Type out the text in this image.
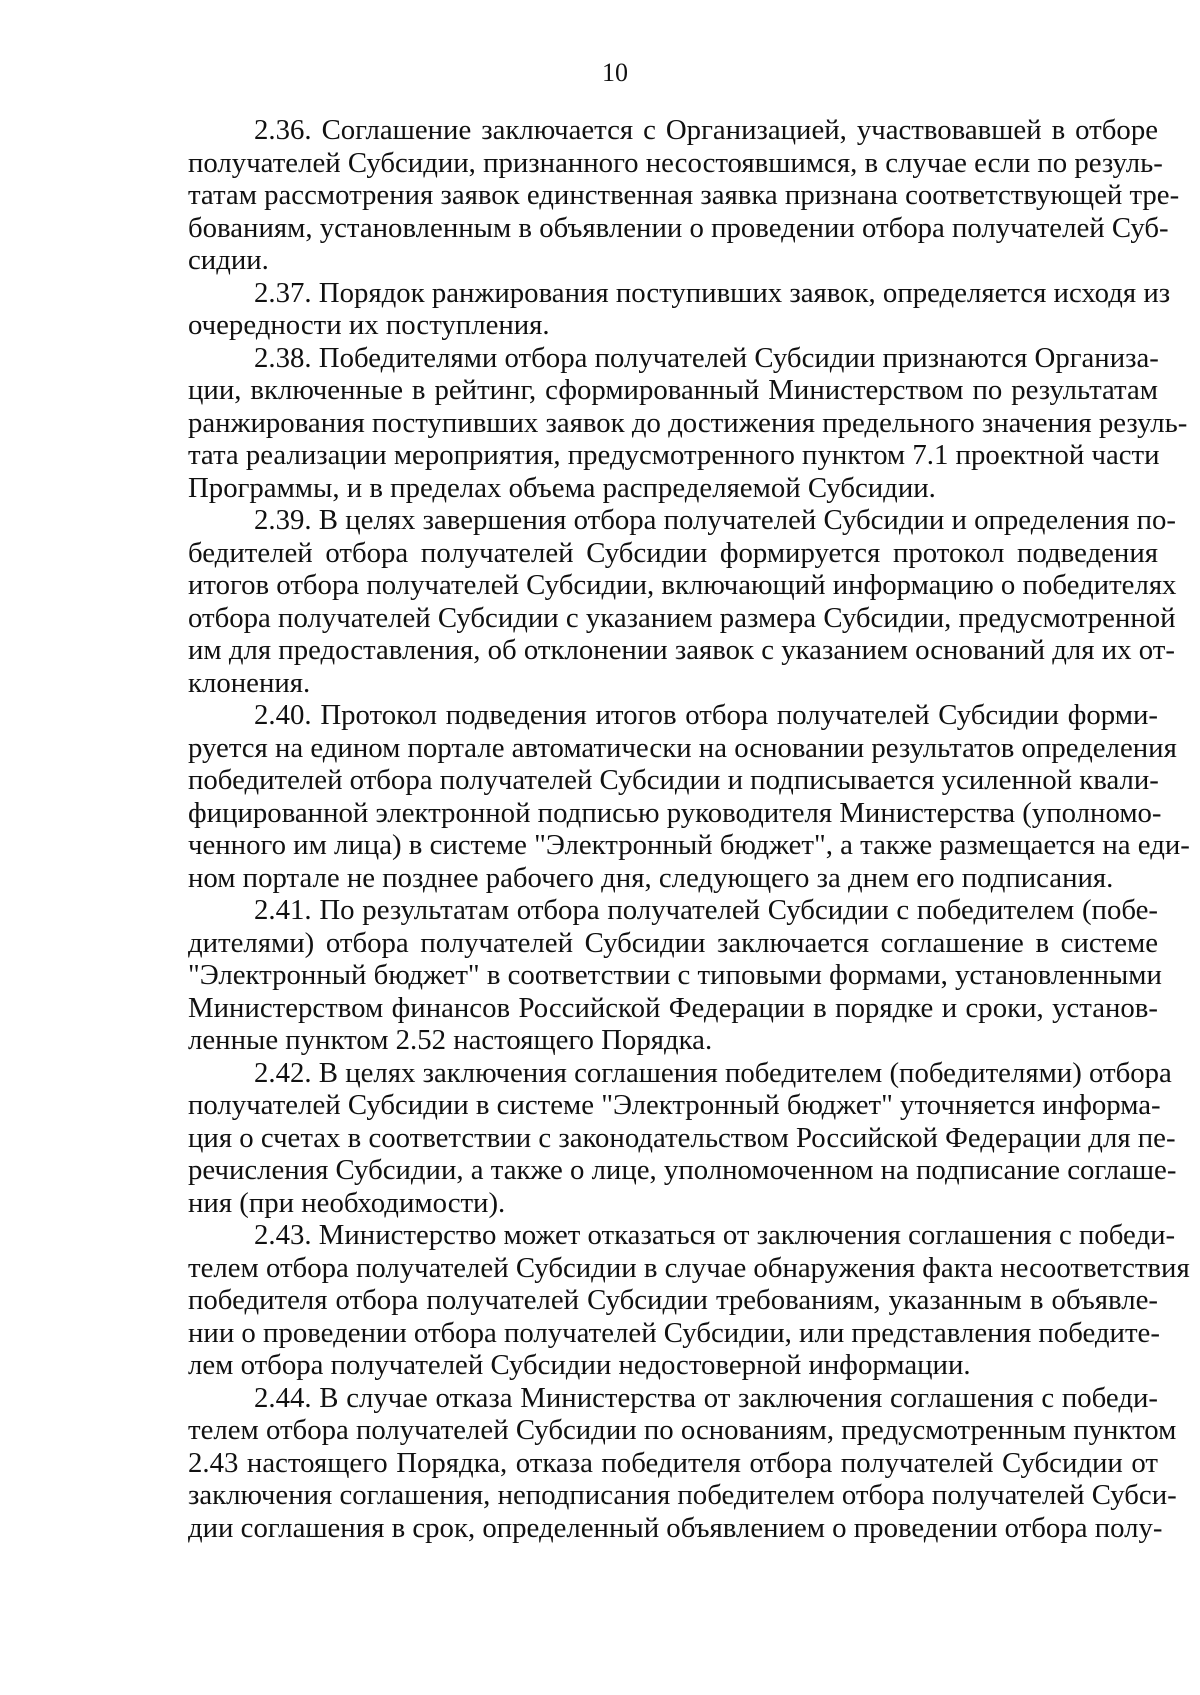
10

2.36. Соглашение заключается с Организацией, участвовавшей в отборе
получателей Субсидии, признанного несостоявшимся, в случае если по резуль-
татам рассмотрения заявок единственная заявка признана соответствующей тре-
бованиям, установленным в объявлении о проведении отбора получателей Суб-
сидии.

2.37. Порядок ранжирования поступивших заявок, определяется исходя из
очередности их поступления.

2.38. Победителями отбора получателей Субсидии признаются Организа-
ции, включенные в рейтинг, сформированный Министерством по результатам
ранжирования поступивших заявок до достижения предельного значения резуль-
тата реализации мероприятия, предусмотренного пунктом 7.1 проектной части
Программы, и в пределах объема распределяемой Субсидии.

2.39. В целях завершения отбора получателей Субсидии и определения по-
бедителей отбора получателей Субсидии формируется протокол подведения
итогов отбора получателей Субсидии, включающий информацию о победителях
отбора получателей Субсидии с указанием размера Субсидии, предусмотренной
им для предоставления, об отклонении заявок с указанием оснований для их от-
клонения.

2.40. Протокол подведения итогов отбора получателей Субсидии форми-
руется на едином портале автоматически на основании результатов определения
победителей отбора получателей Субсидии и подписывается усиленной квали-
фицированной электронной подписью руководителя Министерства (уполномо-
ченного им лица) в системе "Электронный бюджет", а также размещается на еди-
ном портале не позднее рабочего дня, следующего за днем его подписания.

2.41. По результатам отбора получателей Субсидии с победителем (побе-
дителями) отбора получателей Субсидии заключается соглашение в системе
"Электронный бюджет" в соответствии с типовыми формами, установленными
Министерством финансов Российской Федерации в порядке и сроки, установ-
ленные пунктом 2.52 настоящего Порядка.

2.42. В целях заключения соглашения победителем (победителями) отбора
получателей Субсидии в системе "Электронный бюджет" уточняется информа-
ция о счетах в соответствии с законодательством Российской Федерации для пе-
речисления Субсидии, а также о лице, уполномоченном на подписание соглаше-
ния (при необходимости).

2.43. Министерство может отказаться от заключения соглашения с победи-
телем отбора получателей Субсидии в случае обнаружения факта несоответствия
победителя отбора получателей Субсидии требованиям, указанным в объявле-
нии о проведении отбора получателей Субсидии, или представления победите-
лем отбора получателей Субсидии недостоверной информации.

2.44. В случае отказа Министерства от заключения соглашения с победи-
телем отбора получателей Субсидии по основаниям, предусмотренным пунктом
2.43 настоящего Порядка, отказа победителя отбора получателей Субсидии от
заключения соглашения, неподписания победителем отбора получателей Субси-
дии соглашения в срок, определенный объявлением о проведении отбора полу-
